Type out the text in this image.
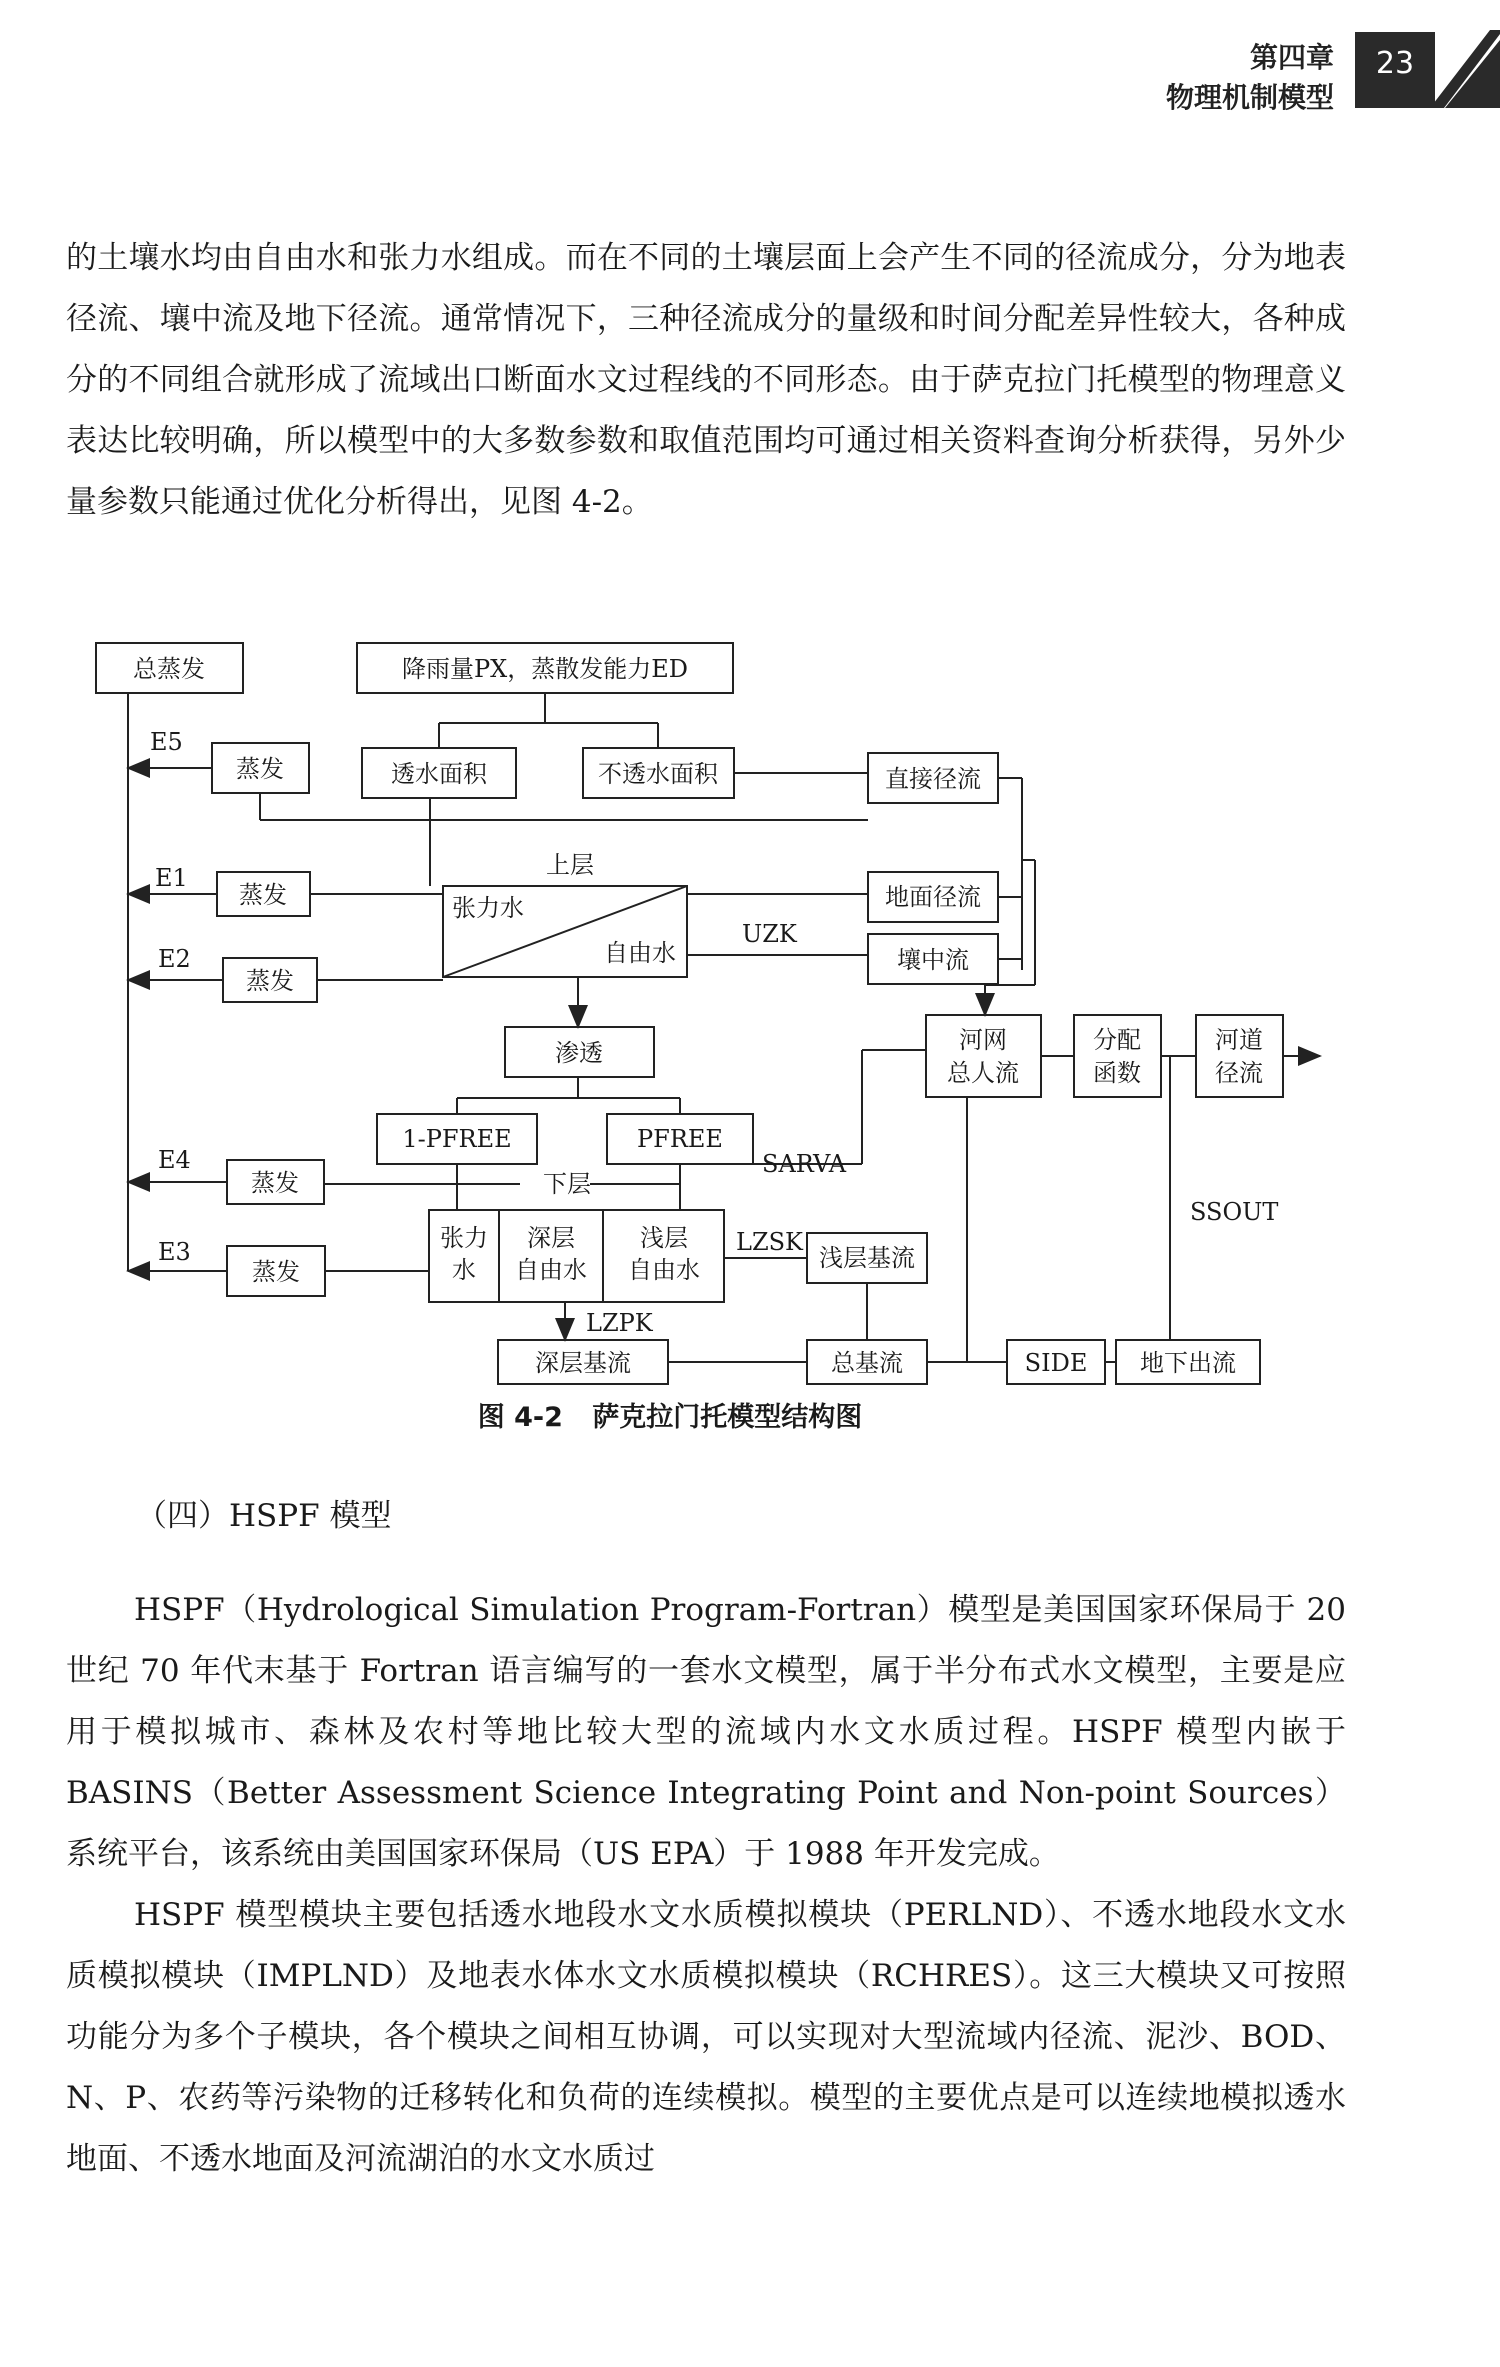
第四章
物理机制模型
23

的土壤水均由自由水和张力水组成。而在不同的土壤层面上会产生不同的径流成分，分为地表径流、壤中流及地下径流。通常情况下，三种径流成分的量级和时间分配差异性较大，各种成分的不同组合就形成了流域出口断面水文过程线的不同形态。由于萨克拉门托模型的物理意义表达比较明确，所以模型中的大多数参数和取值范围均可通过相关资料查询分析获得，另外少量参数只能通过优化分析得出，见图 4-2。

总蒸发	降雨量PX，蒸散发能力ED
蒸发	透水面积	不透水面积	直接径流
蒸发	地面径流
蒸发
壤中流
渗透	河网
总人流
分配
函数
河道
径流
1-PFREE	PFREE
蒸发
蒸发
张力
水
深层
自由水
浅层
自由水	浅层基流
深层基流	总基流	SIDE 地下出流
E5
E1
E2
E4
E3
上层
张力水
自由水
UZK
下层
SARVA
SSOUT
LZSK
LZPK
图 4-2 萨克拉门托模型结构图
（四）HSPF 模型

HSPF（Hydrological Simulation Program-Fortran）模型是美国国家环保局于 20 世纪 70 年代末基于 Fortran 语言编写的一套水文模型，属于半分布式水文模型，主要是应用于模拟城市、森林及农村等地比较大型的流域内水文水质过程。HSPF 模型内嵌于 BASINS（Better Assessment Science Integrating Point and Non-point Sources）系统平台，该系统由美国国家环保局（US EPA）于 1988 年开发完成。

HSPF 模型模块主要包括透水地段水文水质模拟模块（PERLND）、不透水地段水文水质模拟模块（IMPLND）及地表水体水文水质模拟模块（RCHRES）。这三大模块又可按照功能分为多个子模块，各个模块之间相互协调，可以实现对大型流域内径流、泥沙、BOD、N、P、农药等污染物的迁移转化和负荷的连续模拟。模型的主要优点是可以连续地模拟透水地面、不透水地面及河流湖泊的水文水质过
